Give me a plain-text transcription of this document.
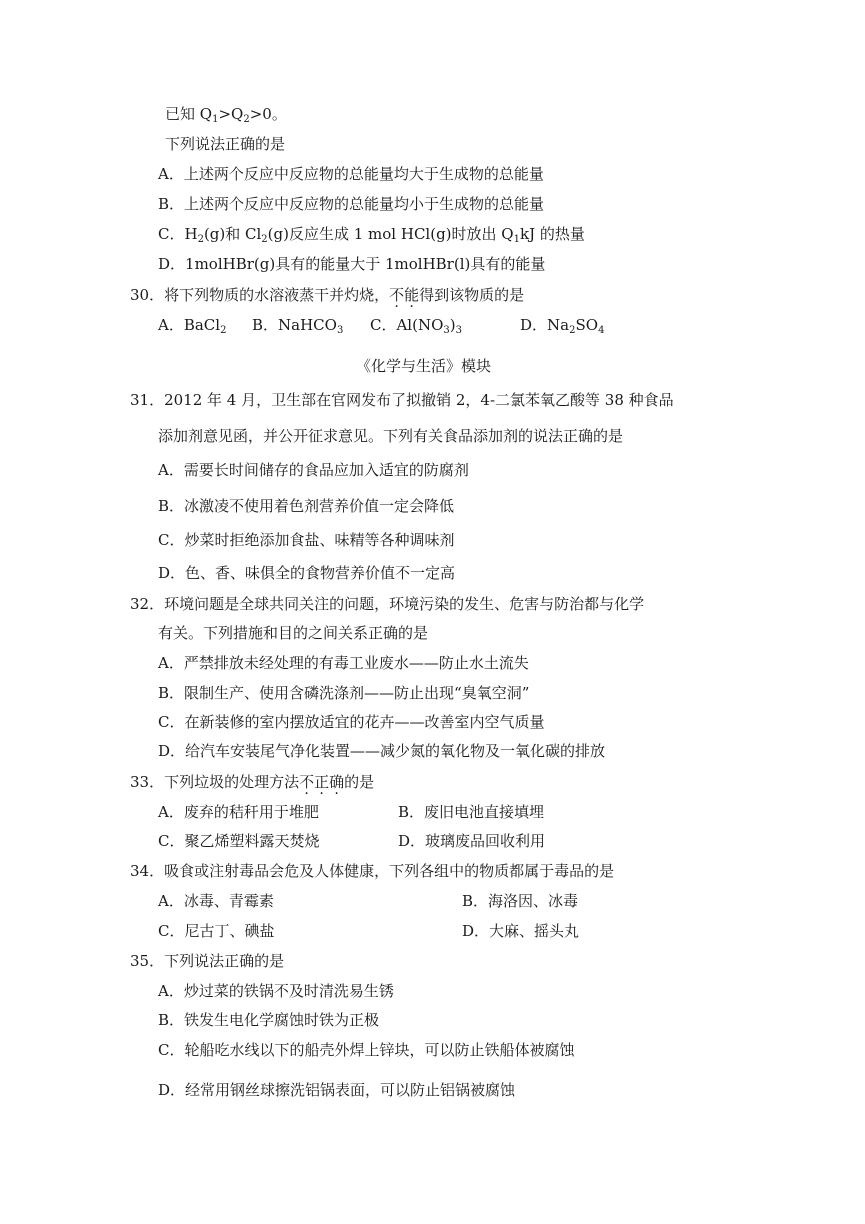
已知 $Q_1>Q_2>0$。
下列说法正确的是
A．上述两个反应中反应物的总能量均大于生成物的总能量
B．上述两个反应中反应物的总能量均小于生成物的总能量
C．$H_2(g)$和 $Cl_2(g)$反应生成 1 mol HCl(g)时放出 $Q_1kJ$ 的热量
D．1molHBr(g)具有的能量大于 1molHBr(l)具有的能量
30．将下列物质的水溶液蒸干并灼烧，不能得到该物质的是
A．BaCl$_2$ B．NaHCO$_3$ C．$Al(NO_3)_3$	D．$Na_2SO_4$
《化学与生活》模块
31．2012 年 4 月，卫生部在官网发布了拟撤销 2，4-二氯苯氧乙酸等 38 种食品
添加剂意见函，并公开征求意见。下列有关食品添加剂的说法正确的是
A．需要长时间储存的食品应加入适宜的防腐剂
B．冰激凌不使用着色剂营养价值一定会降低
C．炒菜时拒绝添加食盐、味精等各种调味剂
D．色、香、味俱全的食物营养价值不一定高
32．环境问题是全球共同关注的问题，环境污染的发生、危害与防治都与化学
有关。下列措施和目的之间关系正确的是
A．严禁排放未经处理的有毒工业废水——防止水土流失
B．限制生产、使用含磷洗涤剂——防止出现“臭氧空洞”
C．在新装修的室内摆放适宜的花卉——改善室内空气质量
D．给汽车安装尾气净化装置——减少氮的氧化物及一氧化碳的排放
33．下列垃圾的处理方法不正确的是
A．废弃的秸秆用于堆肥	B．废旧电池直接填埋
C．聚乙烯塑料露天焚烧	D．玻璃废品回收利用
34．吸食或注射毒品会危及人体健康，下列各组中的物质都属于毒品的是
A．冰毒、青霉素	B．海洛因、冰毒
C．尼古丁、碘盐	D．大麻、摇头丸
35．下列说法正确的是
A．炒过菜的铁锅不及时清洗易生锈
B．铁发生电化学腐蚀时铁为正极
C．轮船吃水线以下的船壳外焊上锌块，可以防止铁船体被腐蚀
D．经常用钢丝球擦洗铝锅表面，可以防止铝锅被腐蚀
